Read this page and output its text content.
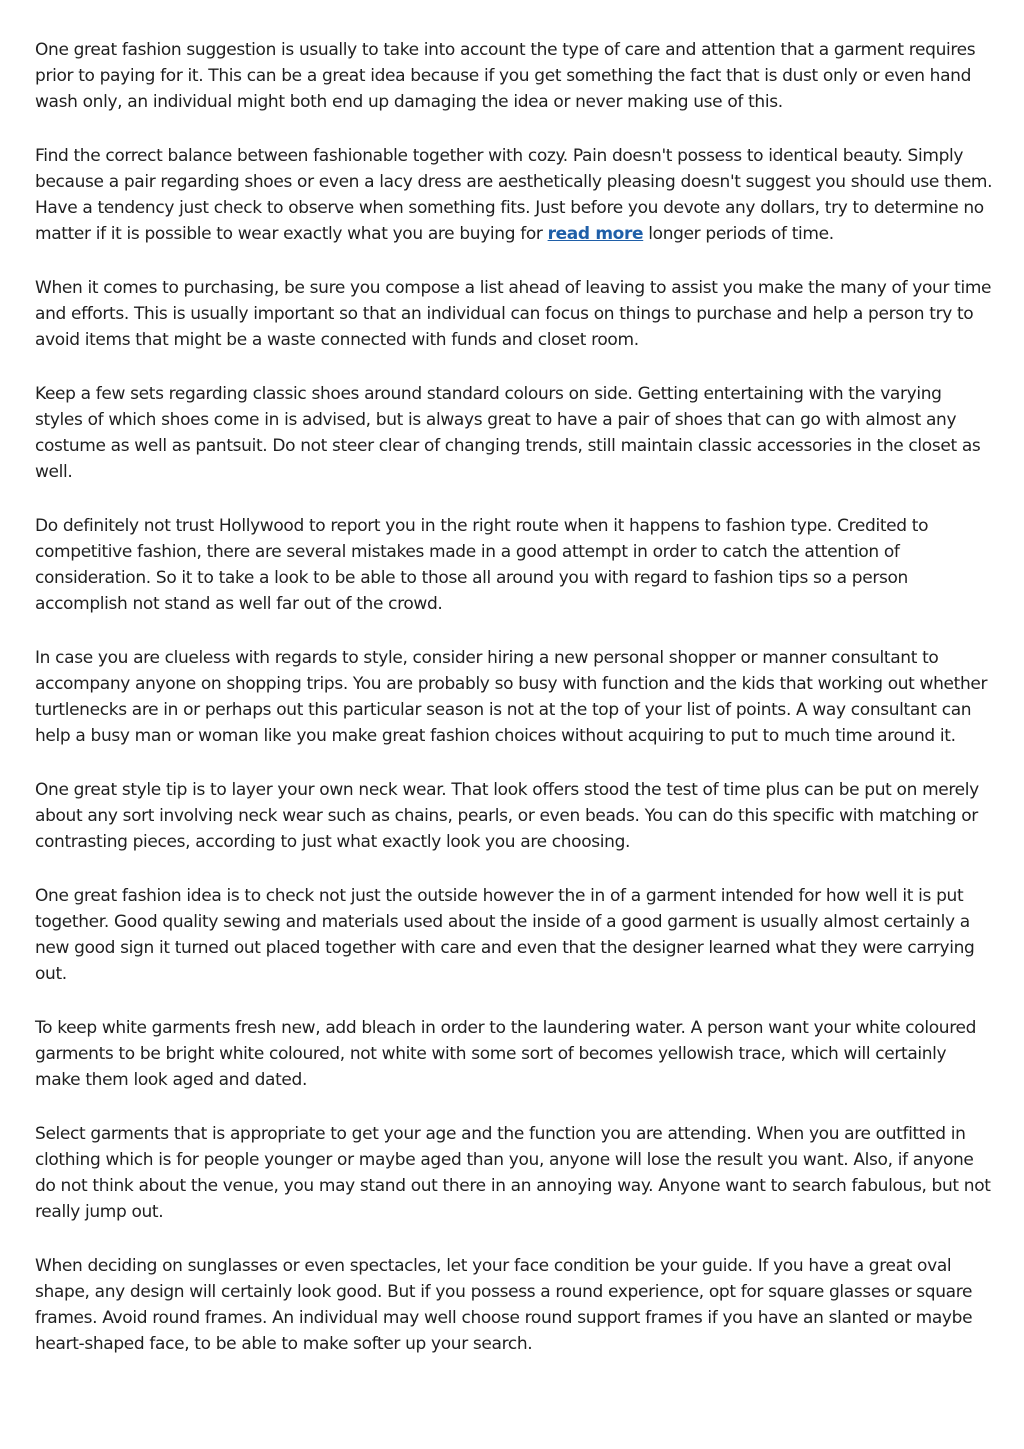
One great fashion suggestion is usually to take into account the type of care and attention that a garment requires prior to paying for it. This can be a great idea because if you get something the fact that is dust only or even hand wash only, an individual might both end up damaging the idea or never making use of this.

Find the correct balance between fashionable together with cozy. Pain doesn't possess to identical beauty. Simply because a pair regarding shoes or even a lacy dress are aesthetically pleasing doesn't suggest you should use them. Have a tendency just check to observe when something fits. Just before you devote any dollars, try to determine no matter if it is possible to wear exactly what you are buying for read more longer periods of time.

When it comes to purchasing, be sure you compose a list ahead of leaving to assist you make the many of your time and efforts. This is usually important so that an individual can focus on things to purchase and help a person try to avoid items that might be a waste connected with funds and closet room.

Keep a few sets regarding classic shoes around standard colours on side. Getting entertaining with the varying styles of which shoes come in is advised, but is always great to have a pair of shoes that can go with almost any costume as well as pantsuit. Do not steer clear of changing trends, still maintain classic accessories in the closet as well.

Do definitely not trust Hollywood to report you in the right route when it happens to fashion type. Credited to competitive fashion, there are several mistakes made in a good attempt in order to catch the attention of consideration. So it to take a look to be able to those all around you with regard to fashion tips so a person accomplish not stand as well far out of the crowd.

In case you are clueless with regards to style, consider hiring a new personal shopper or manner consultant to accompany anyone on shopping trips. You are probably so busy with function and the kids that working out whether turtlenecks are in or perhaps out this particular season is not at the top of your list of points. A way consultant can help a busy man or woman like you make great fashion choices without acquiring to put to much time around it.

One great style tip is to layer your own neck wear. That look offers stood the test of time plus can be put on merely about any sort involving neck wear such as chains, pearls, or even beads. You can do this specific with matching or contrasting pieces, according to just what exactly look you are choosing.

One great fashion idea is to check not just the outside however the in of a garment intended for how well it is put together. Good quality sewing and materials used about the inside of a good garment is usually almost certainly a new good sign it turned out placed together with care and even that the designer learned what they were carrying out.

To keep white garments fresh new, add bleach in order to the laundering water. A person want your white coloured garments to be bright white coloured, not white with some sort of becomes yellowish trace, which will certainly make them look aged and dated.

Select garments that is appropriate to get your age and the function you are attending. When you are outfitted in clothing which is for people younger or maybe aged than you, anyone will lose the result you want. Also, if anyone do not think about the venue, you may stand out there in an annoying way. Anyone want to search fabulous, but not really jump out.

When deciding on sunglasses or even spectacles, let your face condition be your guide. If you have a great oval shape, any design will certainly look good. But if you possess a round experience, opt for square glasses or square frames. Avoid round frames. An individual may well choose round support frames if you have an slanted or maybe heart-shaped face, to be able to make softer up your search.
